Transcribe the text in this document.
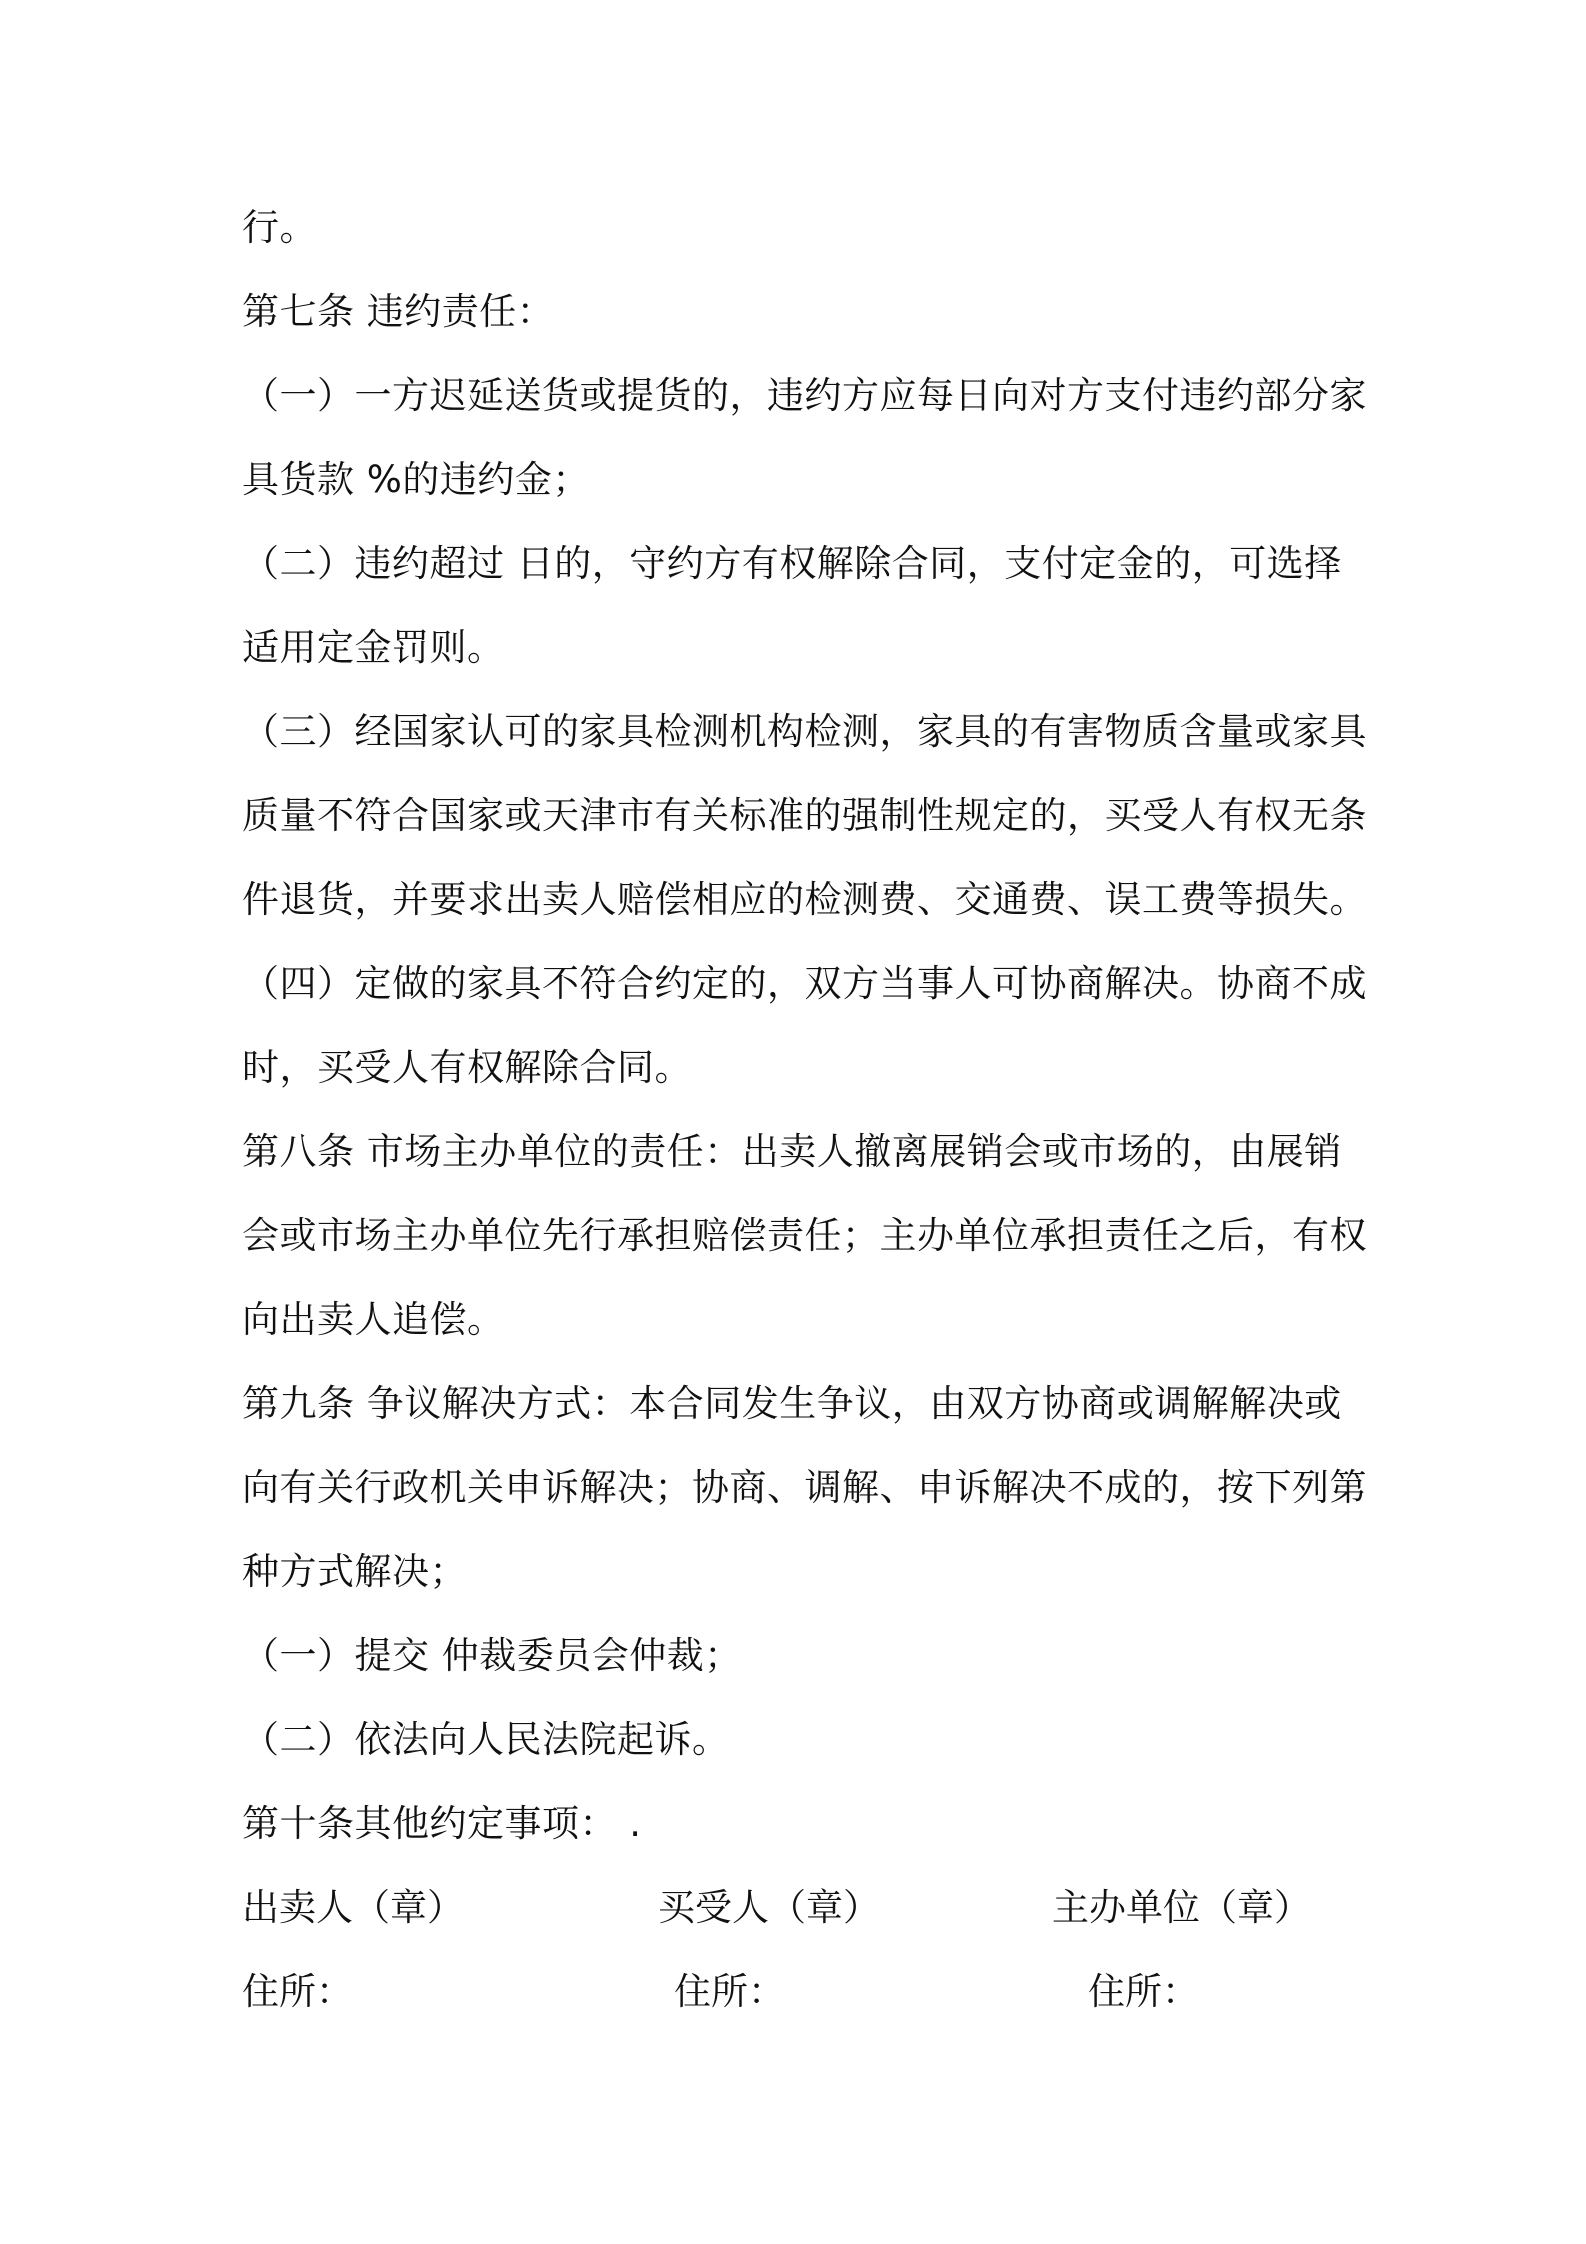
行。
第七条 违约责任：
（一）一方迟延送货或提货的，违约方应每日向对方支付违约部分家
具货款 %的违约金；
（二）违约超过 日的，守约方有权解除合同，支付定金的，可选择
适用定金罚则。
（三）经国家认可的家具检测机构检测，家具的有害物质含量或家具
质量不符合国家或天津市有关标准的强制性规定的，买受人有权无条
件退货，并要求出卖人赔偿相应的检测费、交通费、误工费等损失。
（四）定做的家具不符合约定的，双方当事人可协商解决。协商不成
时，买受人有权解除合同。
第八条 市场主办单位的责任：出卖人撤离展销会或市场的，由展销
会或市场主办单位先行承担赔偿责任；主办单位承担责任之后，有权
向出卖人追偿。
第九条 争议解决方式：本合同发生争议，由双方协商或调解解决或
向有关行政机关申诉解决；协商、调解、申诉解决不成的，按下列第
种方式解决；
（一）提交 仲裁委员会仲裁；
（二）依法向人民法院起诉。
第十条其他约定事项： .
出卖人（章）	买受人（章）	主办单位（章）
住所：	住所：	住所：
